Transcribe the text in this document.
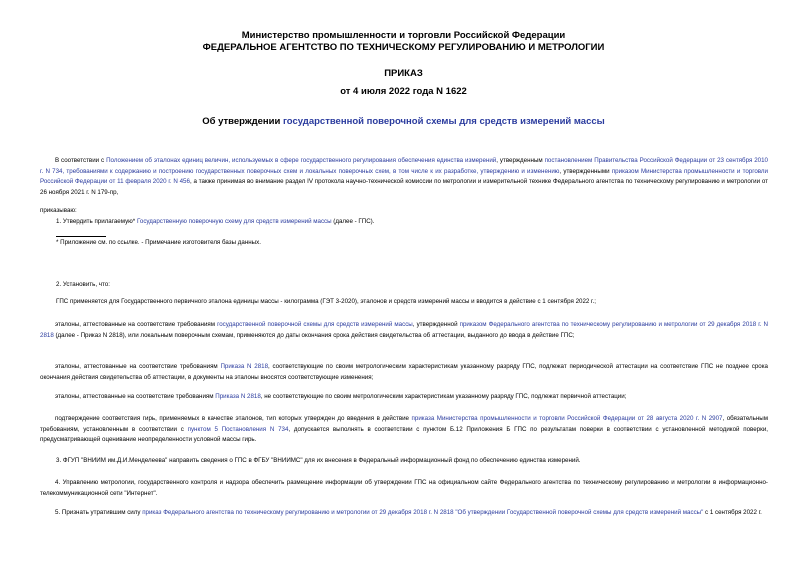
Министерство промышленности и торговли Российской Федерации
ФЕДЕРАЛЬНОЕ АГЕНТСТВО ПО ТЕХНИЧЕСКОМУ РЕГУЛИРОВАНИЮ И МЕТРОЛОГИИ
ПРИКАЗ
от 4 июля 2022 года N 1622
Об утверждении государственной поверочной схемы для средств измерений массы

В соответствии с Положением об эталонах единиц величин, используемых в сфере государственного регулирования обеспечения единства измерений, утвержденным постановлением Правительства Российской Федерации от 23 сентября 2010 г. N 734, требованиями к содержанию и построению государственных поверочных схем и локальных поверочных схем, в том числе к их разработке, утверждению и изменению, утвержденными приказом Министерства промышленности и торговли Российской Федерации от 11 февраля 2020 г. N 456, а также принимая во внимание раздел IV протокола научно-технической комиссии по метрологии и измерительной технике Федерального агентства по техническому регулированию и метрологии от 26 ноября 2021 г. N 179-пр,

приказываю:

1. Утвердить прилагаемую* Государственную поверочную схему для средств измерений массы (далее - ГПС).

* Приложение см. по ссылке. - Примечание изготовителя базы данных.

2. Установить, что:

ГПС применяется для Государственного первичного эталона единицы массы - килограмма (ГЭТ 3-2020), эталонов и средств измерений массы и вводится в действие с 1 сентября 2022 г.;

эталоны, аттестованные на соответствие требованиям государственной поверочной схемы для средств измерений массы, утвержденной приказом Федерального агентства по техническому регулированию и метрологии от 29 декабря 2018 г. N 2818 (далее - Приказ N 2818), или локальным поверочным схемам, применяются до даты окончания срока действия свидетельства об аттестации, выданного до ввода в действие ГПС;

эталоны, аттестованные на соответствие требованиям Приказа N 2818, соответствующие по своим метрологическим характеристикам указанному разряду ГПС, подлежат периодической аттестации на соответствие ГПС не позднее срока окончания действия свидетельства об аттестации, в документы на эталоны вносятся соответствующие изменения;

эталоны, аттестованные на соответствие требованиям Приказа N 2818, не соответствующие по своим метрологическим характеристикам указанному разряду ГПС, подлежат первичной аттестации;

подтверждение соответствия гирь, применяемых в качестве эталонов, тип которых утвержден до введения в действие приказа Министерства промышленности и торговли Российской Федерации от 28 августа 2020 г. N 2907, обязательным требованиям, установленным в соответствии с пунктом 5 Постановления N 734, допускается выполнять в соответствии с пунктом Б.12 Приложения Б ГПС по результатам поверки в соответствии с установленной методикой поверки, предусматривающей оценивание неопределенности условной массы гирь.

3. ФГУП "ВНИИМ им.Д.И.Менделеева" направить сведения о ГПС в ФГБУ "ВНИИМС" для их внесения в Федеральный информационный фонд по обеспечению единства измерений.

4. Управлению метрологии, государственного контроля и надзора обеспечить размещение информации об утверждении ГПС на официальном сайте Федерального агентства по техническому регулированию и метрологии в информационно-телекоммуникационной сети "Интернет".

5. Признать утратившим силу приказ Федерального агентства по техническому регулированию и метрологии от 29 декабря 2018 г. N 2818 "Об утверждении Государственной поверочной схемы для средств измерений массы" с 1 сентября 2022 г.
